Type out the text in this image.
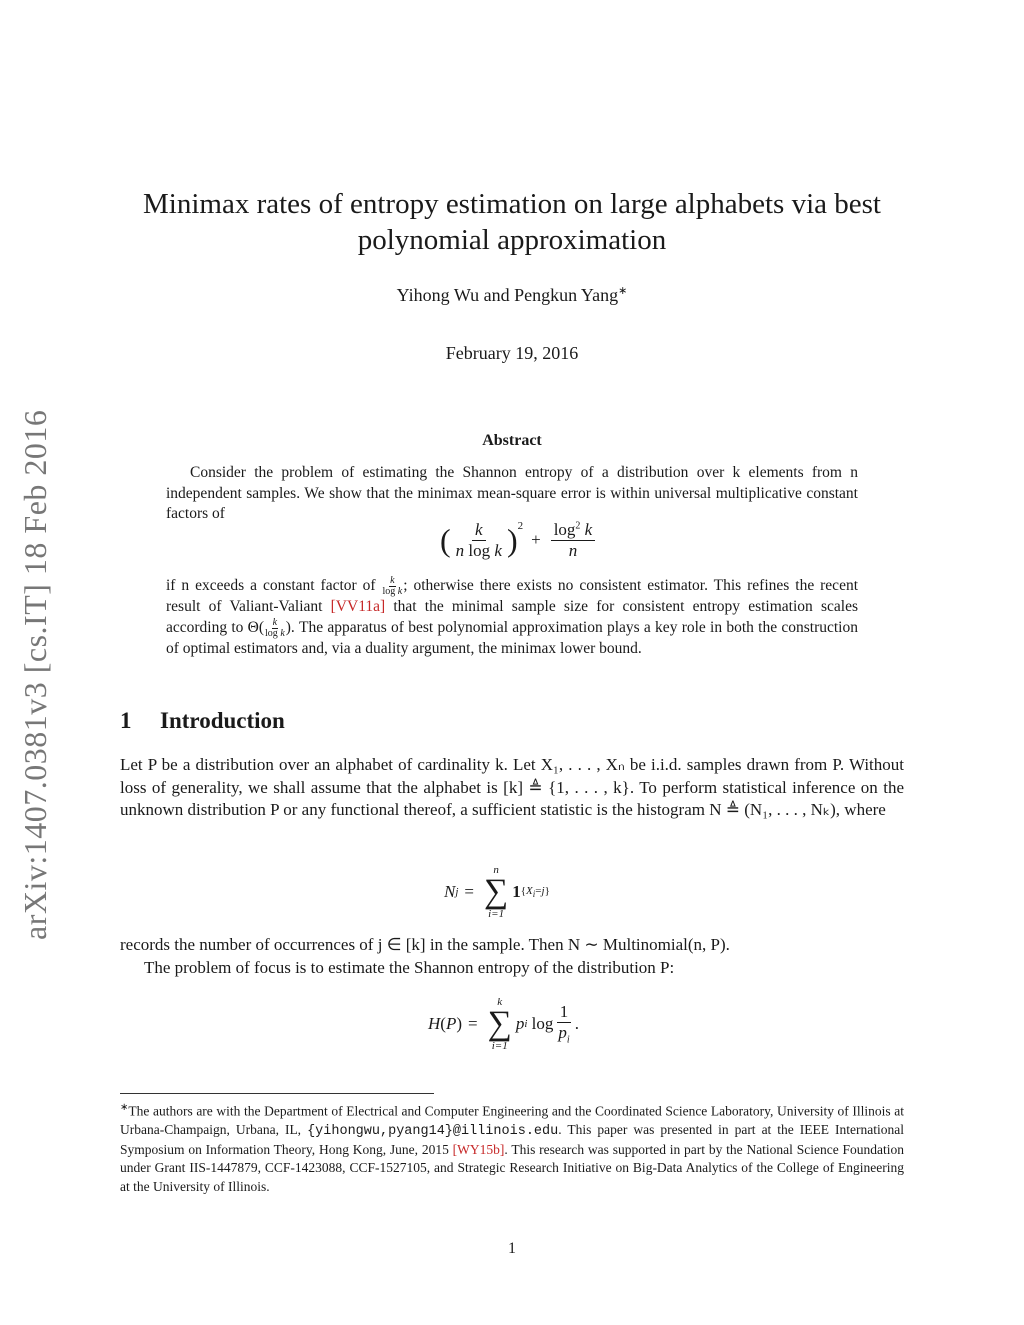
arXiv:1407.0381v3 [cs.IT] 18 Feb 2016
Minimax rates of entropy estimation on large alphabets via best
polynomial approximation
Yihong Wu and Pengkun Yang∗
February 19, 2016
Abstract
Consider the problem of estimating the Shannon entropy of a distribution over k elements from n independent samples. We show that the minimax mean-square error is within universal multiplicative constant factors of
( $\frac{k}{\text{n log k}} )^2$
+ $\frac{\log^2 k}{n}$
if n exceeds a constant factor of $\frac{k}{\text{log k}}$ ; otherwise there exists no consistent estimator. This refines the recent result of Valiant-Valiant [VV11a] that the minimal sample size for consistent entropy estimation scales according to $\Theta( \frac{k}{\text{log k}}$ ). The apparatus of best polynomial approximation plays a key role in both the construction of optimal estimators and, via a duality argument, the minimax lower bound.
1 Introduction
Let P be a distribution over an alphabet of cardinality k. Let X₁, . . . , Xₙ be i.i.d. samples drawn from P. Without loss of generality, we shall assume that the alphabet is [k] ≜ {1, . . . , k}. To perform statistical inference on the unknown distribution P or any functional thereof, a sufficient statistic is the histogram N ≜ (N₁, . . . , Nₖ), where
N j =
n
∑
i=1
1 $\{X_i=j\}$
records the number of occurrences of j ∈ [k] in the sample. Then N ∼ Multinomial(n, P).
The problem of focus is to estimate the Shannon entropy of the distribution P:
H ( P ) =
k
∑
i=1
p i $\log \frac{1}{p_i}$ .
∗The authors are with the Department of Electrical and Computer Engineering and the Coordinated Science Laboratory, University of Illinois at Urbana-Champaign, Urbana, IL, {yihongwu,pyang14}@illinois.edu. This paper was presented in part at the IEEE International Symposium on Information Theory, Hong Kong, June, 2015 [WY15b]. This research was supported in part by the National Science Foundation under Grant IIS-1447879, CCF-1423088, CCF-1527105, and Strategic Research Initiative on Big-Data Analytics of the College of Engineering at the University of Illinois.
1
